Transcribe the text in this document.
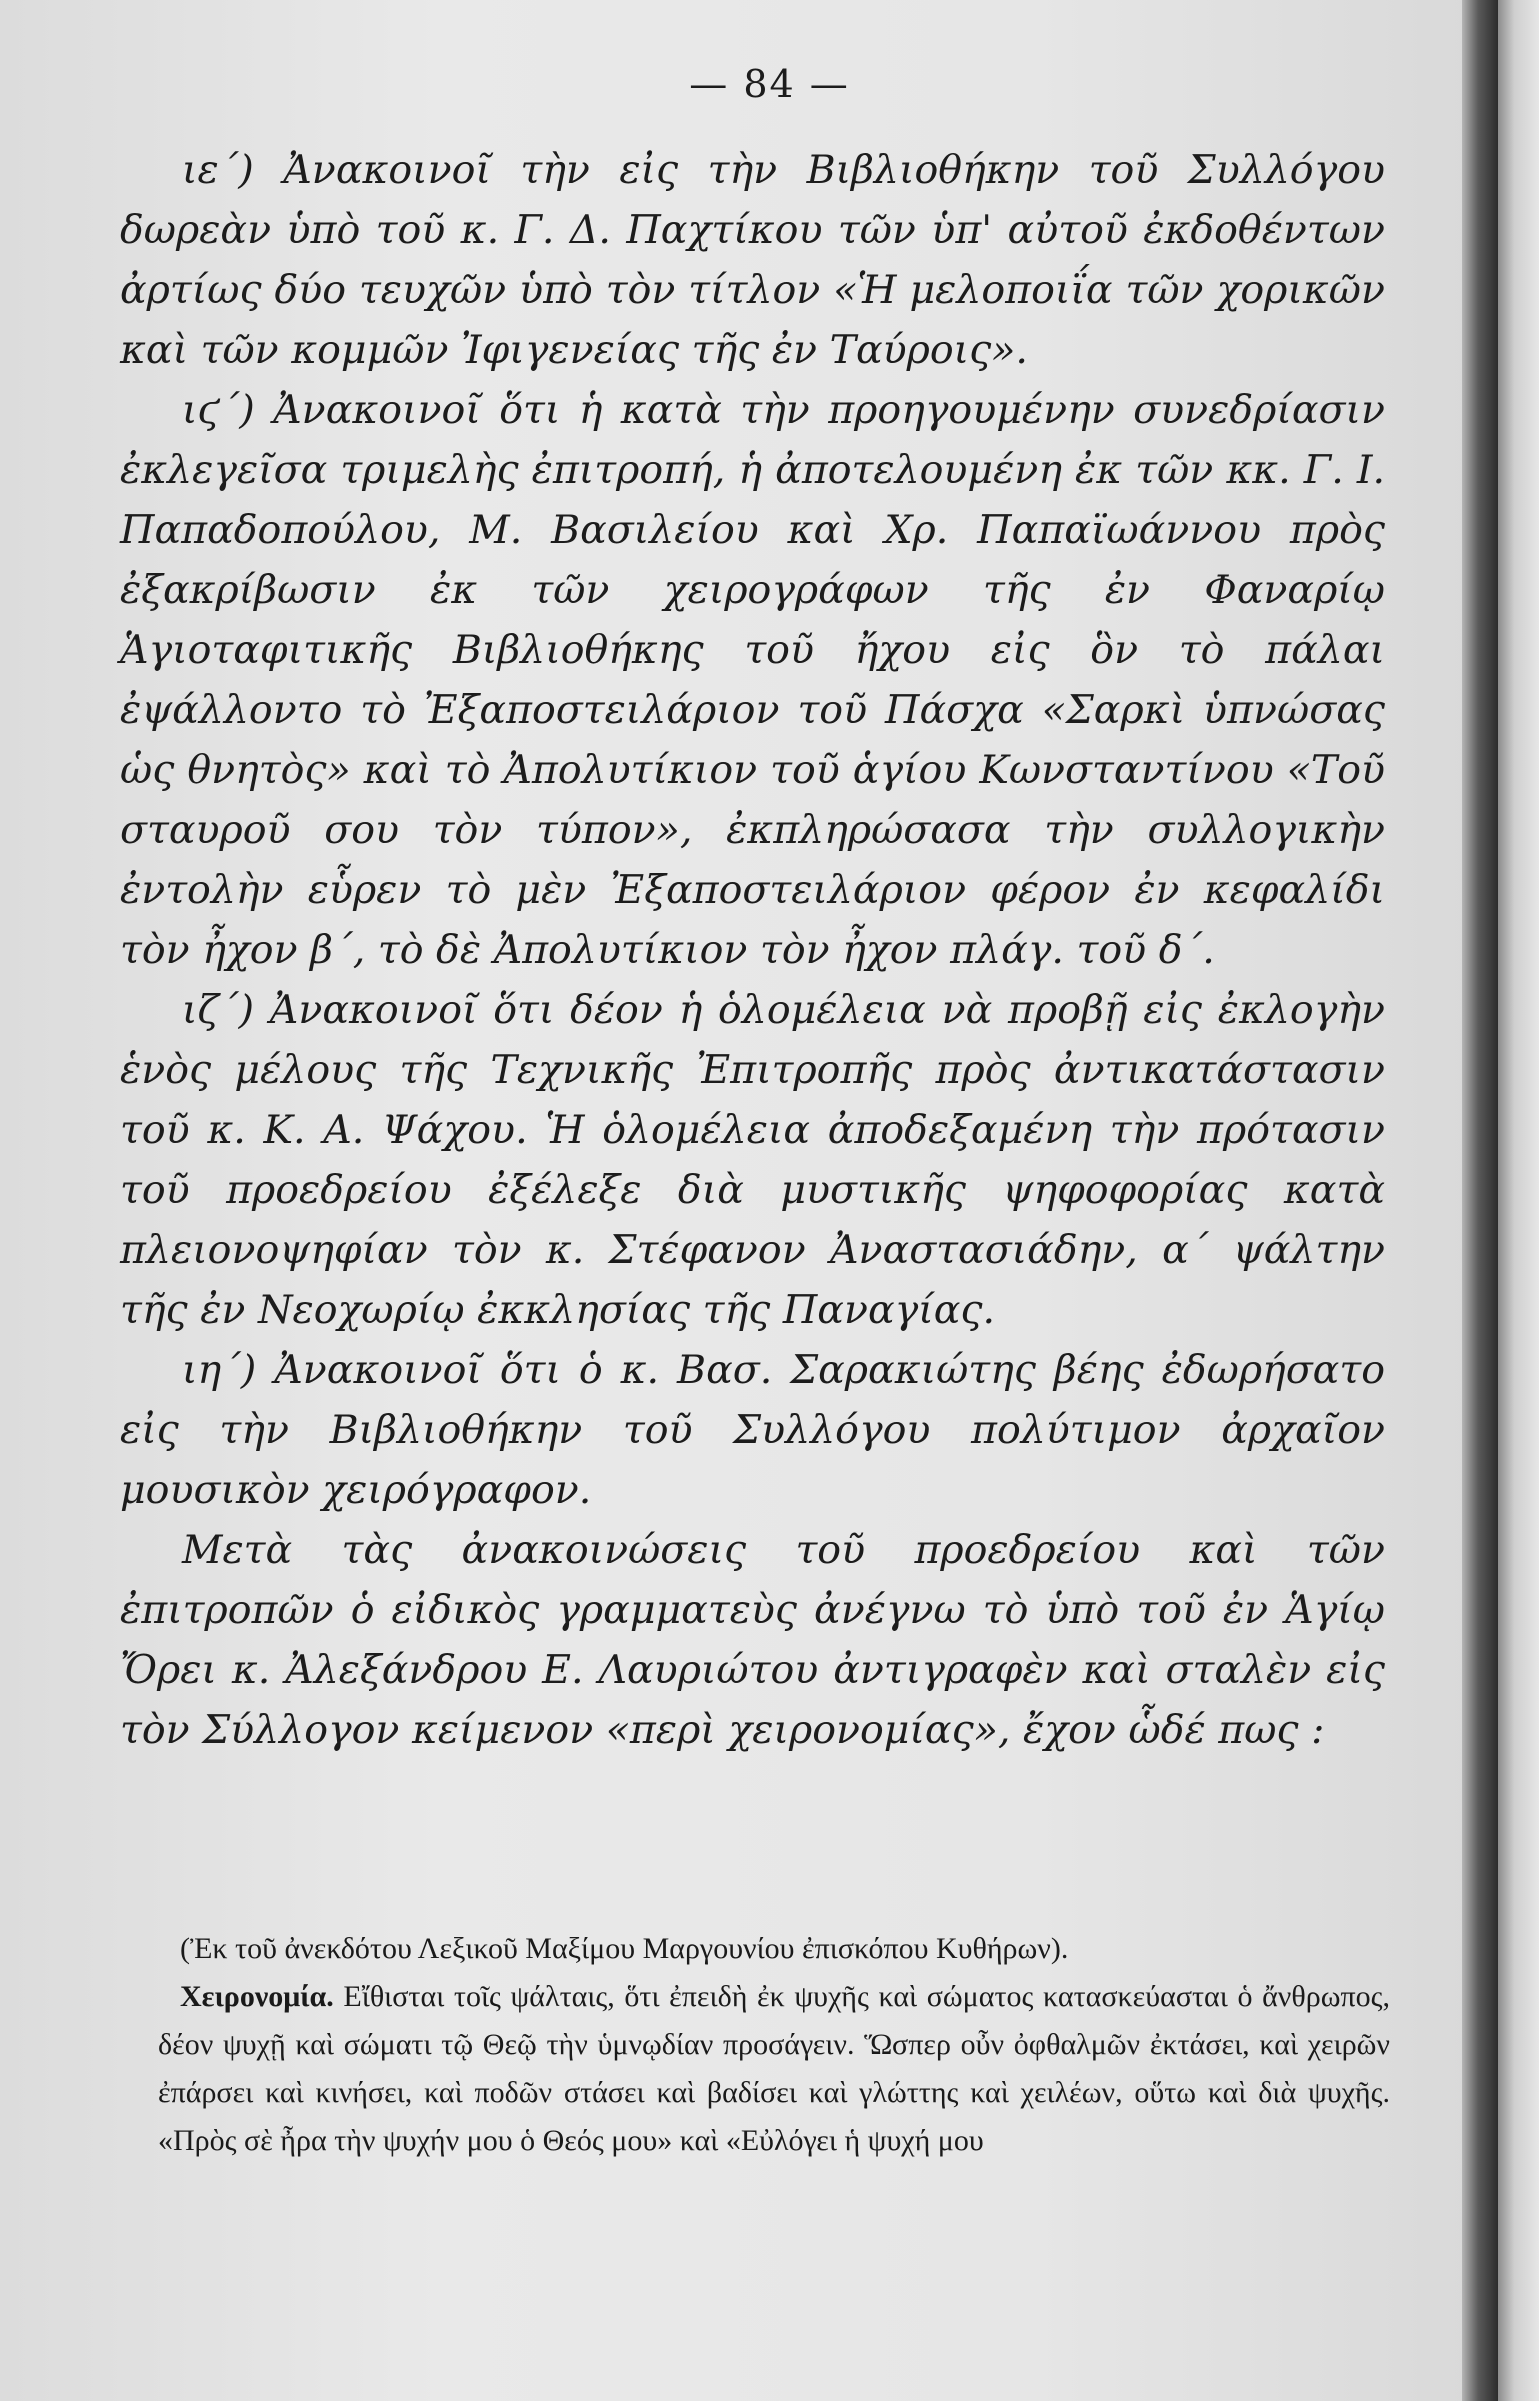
— 84 —

ιε΄) Ἀνακοινοῖ τὴν εἰς τὴν Βιβλιοθήκην τοῦ Συλλόγου δωρεὰν ὑπὸ τοῦ κ. Γ. Δ. Παχτίκου τῶν ὑπ' αὐτοῦ ἐκδοθέντων ἀρτίως δύο τευχῶν ὑπὸ τὸν τίτλον «Ἡ μελοποιΐα τῶν χορικῶν καὶ τῶν κομμῶν Ἰφιγενείας τῆς ἐν Ταύροις».

ιϛ΄) Ἀνακοινοῖ ὅτι ἡ κατὰ τὴν προηγουμένην συνεδρίασιν ἐκλεγεῖσα τριμελὴς ἐπιτροπή, ἡ ἀποτελουμένη ἐκ τῶν κκ. Γ. Ι. Παπαδοπούλου, Μ. Βασιλείου καὶ Χρ. Παπαϊωάννου πρὸς ἐξακρίβωσιν ἐκ τῶν χειρογράφων τῆς ἐν Φαναρίῳ Ἁγιοταφιτικῆς Βιβλιοθήκης τοῦ ἤχου εἰς ὃν τὸ πάλαι ἐψάλλοντο τὸ Ἐξαποστειλάριον τοῦ Πάσχα «Σαρκὶ ὑπνώσας ὡς θνητὸς» καὶ τὸ Ἀπολυτίκιον τοῦ ἁγίου Κωνσταντίνου «Τοῦ σταυροῦ σου τὸν τύπον», ἐκπληρώσασα τὴν συλλογικὴν ἐντολὴν εὗρεν τὸ μὲν Ἐξαποστειλάριον φέρον ἐν κεφαλίδι τὸν ἦχον β΄, τὸ δὲ Ἀπολυτίκιον τὸν ἦχον πλάγ. τοῦ δ΄.

ιζ΄) Ἀνακοινοῖ ὅτι δέον ἡ ὁλομέλεια νὰ προβῇ εἰς ἐκλογὴν ἑνὸς μέλους τῆς Τεχνικῆς Ἐπιτροπῆς πρὸς ἀντικατάστασιν τοῦ κ. Κ. Α. Ψάχου. Ἡ ὁλομέλεια ἀποδεξαμένη τὴν πρότασιν τοῦ προεδρείου ἐξέλεξε διὰ μυστικῆς ψηφοφορίας κατὰ πλειονοψηφίαν τὸν κ. Στέφανον Ἀναστασιάδην, α΄ ψάλτην τῆς ἐν Νεοχωρίῳ ἐκκλησίας τῆς Παναγίας.

ιη΄) Ἀνακοινοῖ ὅτι ὁ κ. Βασ. Σαρακιώτης βέης ἐδωρήσατο εἰς τὴν Βιβλιοθήκην τοῦ Συλλόγου πολύτιμον ἀρχαῖον μουσικὸν χειρόγραφον.

Μετὰ τὰς ἀνακοινώσεις τοῦ προεδρείου καὶ τῶν ἐπιτροπῶν ὁ εἰδικὸς γραμματεὺς ἀνέγνω τὸ ὑπὸ τοῦ ἐν Ἁγίῳ Ὄρει κ. Ἀλεξάνδρου Ε. Λαυριώτου ἀντιγραφὲν καὶ σταλὲν εἰς τὸν Σύλλογον κείμενον «περὶ χειρονομίας», ἔχον ὧδέ πως :

(Ἐκ τοῦ ἀνεκδότου Λεξικοῦ Μαξίμου Μαργουνίου ἐπισκόπου Κυθήρων).

Χειρονομία. Εἴθισται τοῖς ψάλταις, ὅτι ἐπειδὴ ἐκ ψυχῆς καὶ σώματος κατασκεύασται ὁ ἄνθρωπος, δέον ψυχῇ καὶ σώματι τῷ Θεῷ τὴν ὑμνῳδίαν προσάγειν. Ὥσπερ οὖν ὀφθαλμῶν ἐκτάσει, καὶ χειρῶν ἐπάρσει καὶ κινήσει, καὶ ποδῶν στάσει καὶ βαδίσει καὶ γλώττης καὶ χειλέων, οὕτω καὶ διὰ ψυχῆς. «Πρὸς σὲ ἦρα τὴν ψυχήν μου ὁ Θεός μου» καὶ «Εὐλόγει ἡ ψυχή μου
